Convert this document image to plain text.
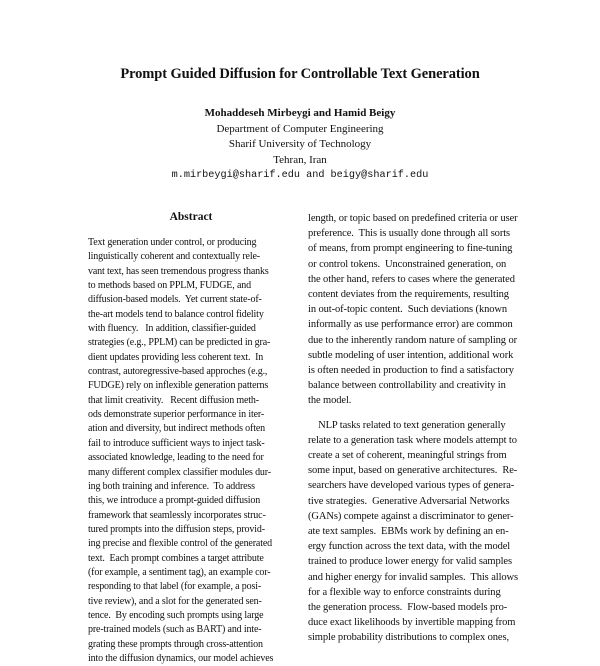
Prompt Guided Diffusion for Controllable Text Generation
Mohaddeseh Mirbeygi and Hamid Beigy
Department of Computer Engineering
Sharif University of Technology
Tehran, Iran
m.mirbeygi@sharif.edu and beigy@sharif.edu
Abstract
Text generation under control, or producing
linguistically coherent and contextually rele-
vant text, has seen tremendous progress thanks
to methods based on PPLM, FUDGE, and
diffusion-based models.  Yet current state-of-
the-art models tend to balance control fidelity
with fluency.   In addition, classifier-guided
strategies (e.g., PPLM) can be predicted in gra-
dient updates providing less coherent text.  In
contrast, autoregressive-based approches (e.g.,
FUDGE) rely on inflexible generation patterns
that limit creativity.   Recent diffusion meth-
ods demonstrate superior performance in iter-
ation and diversity, but indirect methods often
fail to introduce sufficient ways to inject task-
associated knowledge, leading to the need for
many different complex classifier modules dur-
ing both training and inference.  To address
this, we introduce a prompt-guided diffusion
framework that seamlessly incorporates struc-
tured prompts into the diffusion steps, provid-
ing precise and flexible control of the generated
text.  Each prompt combines a target attribute
(for example, a sentiment tag), an example cor-
responding to that label (for example, a posi-
tive review), and a slot for the generated sen-
tence.  By encoding such prompts using large
pre-trained models (such as BART) and inte-
grating these prompts through cross-attention
into the diffusion dynamics, our model achieves
length, or topic based on predefined criteria or user
preference.  This is usually done through all sorts
of means, from prompt engineering to fine-tuning
or control tokens.  Unconstrained generation, on
the other hand, refers to cases where the generated
content deviates from the requirements, resulting
in out-of-topic content.  Such deviations (known
informally as use performance error) are common
due to the inherently random nature of sampling or
subtle modeling of user intention, additional work
is often needed in production to find a satisfactory
balance between controllability and creativity in
the model.
NLP tasks related to text generation generally
relate to a generation task where models attempt to
create a set of coherent, meaningful strings from
some input, based on generative architectures.  Re-
searchers have developed various types of genera-
tive strategies.  Generative Adversarial Networks
(GANs) compete against a discriminator to gener-
ate text samples.  EBMs work by defining an en-
ergy function across the text data, with the model
trained to produce lower energy for valid samples
and higher energy for invalid samples.  This allows
for a flexible way to enforce constraints during
the generation process.  Flow-based models pro-
duce exact likelihoods by invertible mapping from
simple probability distributions to complex ones,
